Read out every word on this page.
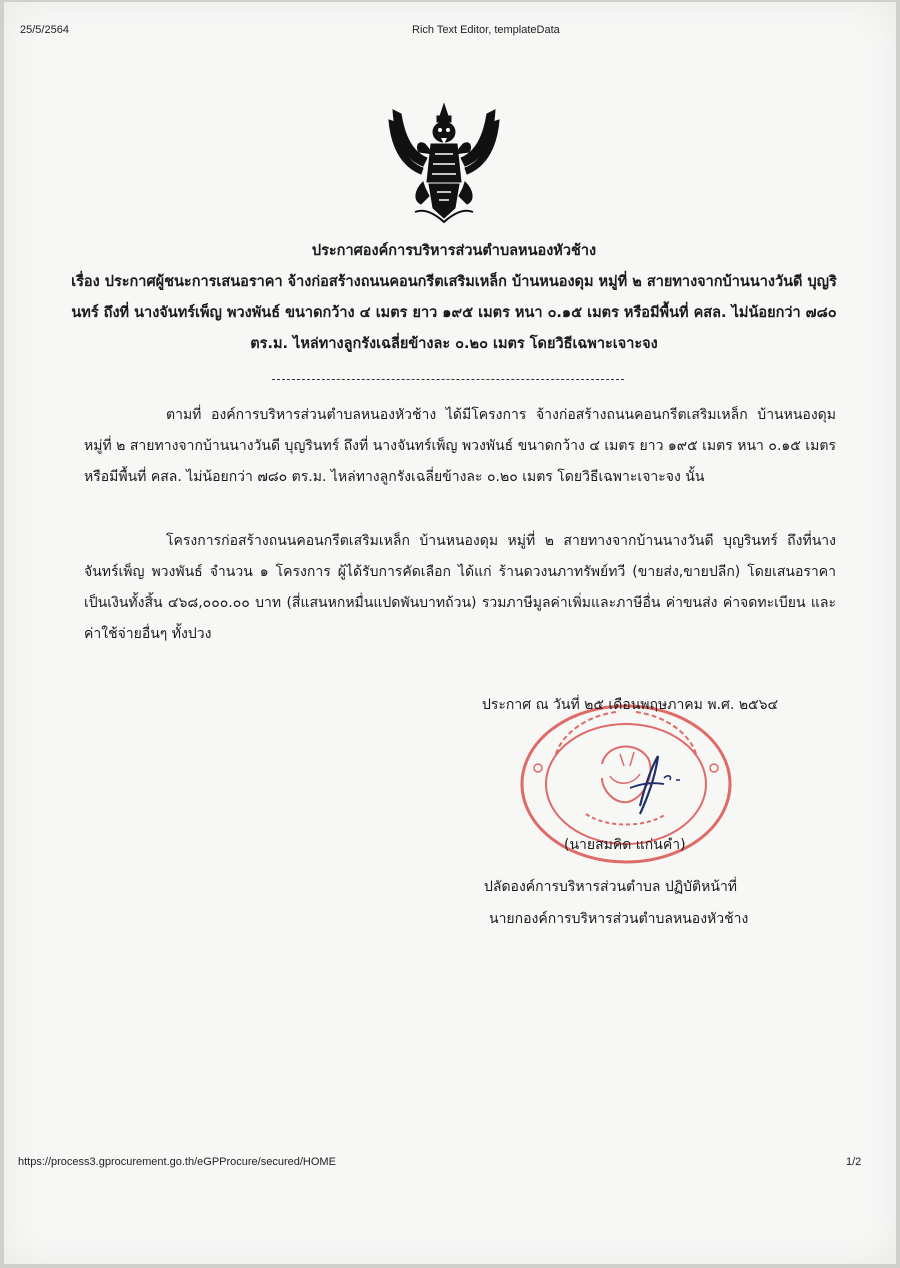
25/5/2564	Rich Text Editor, templateData
ประกาศองค์การบริหารส่วนตำบลหนองหัวช้าง
เรื่อง ประกาศผู้ชนะการเสนอราคา จ้างก่อสร้างถนนคอนกรีตเสริมเหล็ก บ้านหนองดุม หมู่ที่ ๒ สายทางจากบ้านนางวันดี บุญรินทร์ ถึงที่ นางจันทร์เพ็ญ พวงพันธ์ ขนาดกว้าง ๔ เมตร ยาว ๑๙๕ เมตร หนา ๐.๑๕ เมตร หรือมีพื้นที่ คสล. ไม่น้อยกว่า ๗๘๐ ตร.ม. ไหล่ทางลูกรังเฉลี่ยข้างละ ๐.๒๐ เมตร โดยวิธีเฉพาะเจาะจง
ตามที่ องค์การบริหารส่วนตำบลหนองหัวช้าง ได้มีโครงการ จ้างก่อสร้างถนนคอนกรีตเสริมเหล็ก บ้านหนองดุม หมู่ที่ ๒ สายทางจากบ้านนางวันดี บุญรินทร์ ถึงที่ นางจันทร์เพ็ญ พวงพันธ์ ขนาดกว้าง ๔ เมตร ยาว ๑๙๕ เมตร หนา ๐.๑๕ เมตร หรือมีพื้นที่ คสล. ไม่น้อยกว่า ๗๘๐ ตร.ม. ไหล่ทางลูกรังเฉลี่ยข้างละ ๐.๒๐ เมตร โดยวิธีเฉพาะเจาะจง นั้น
โครงการก่อสร้างถนนคอนกรีตเสริมเหล็ก บ้านหนองดุม หมู่ที่ ๒ สายทางจากบ้านนางวันดี บุญรินทร์ ถึงที่นางจันทร์เพ็ญ พวงพันธ์ จำนวน ๑ โครงการ ผู้ได้รับการคัดเลือก ได้แก่ ร้านดวงนภาทรัพย์ทวี (ขายส่ง,ขายปลีก) โดยเสนอราคา เป็นเงินทั้งสิ้น ๔๖๘,๐๐๐.๐๐ บาท (สี่แสนหกหมื่นแปดพันบาทถ้วน) รวมภาษีมูลค่าเพิ่มและภาษีอื่น ค่าขนส่ง ค่าจดทะเบียน และค่าใช้จ่ายอื่นๆ ทั้งปวง
ประกาศ ณ วันที่ ๒๕ เดือนพฤษภาคม พ.ศ. ๒๕๖๔
(นายสมคิด แก่นคำ)
ปลัดองค์การบริหารส่วนตำบล ปฏิบัติหน้าที่
นายกองค์การบริหารส่วนตำบลหนองหัวช้าง
https://process3.gprocurement.go.th/eGPProcure/secured/HOME	1/2
